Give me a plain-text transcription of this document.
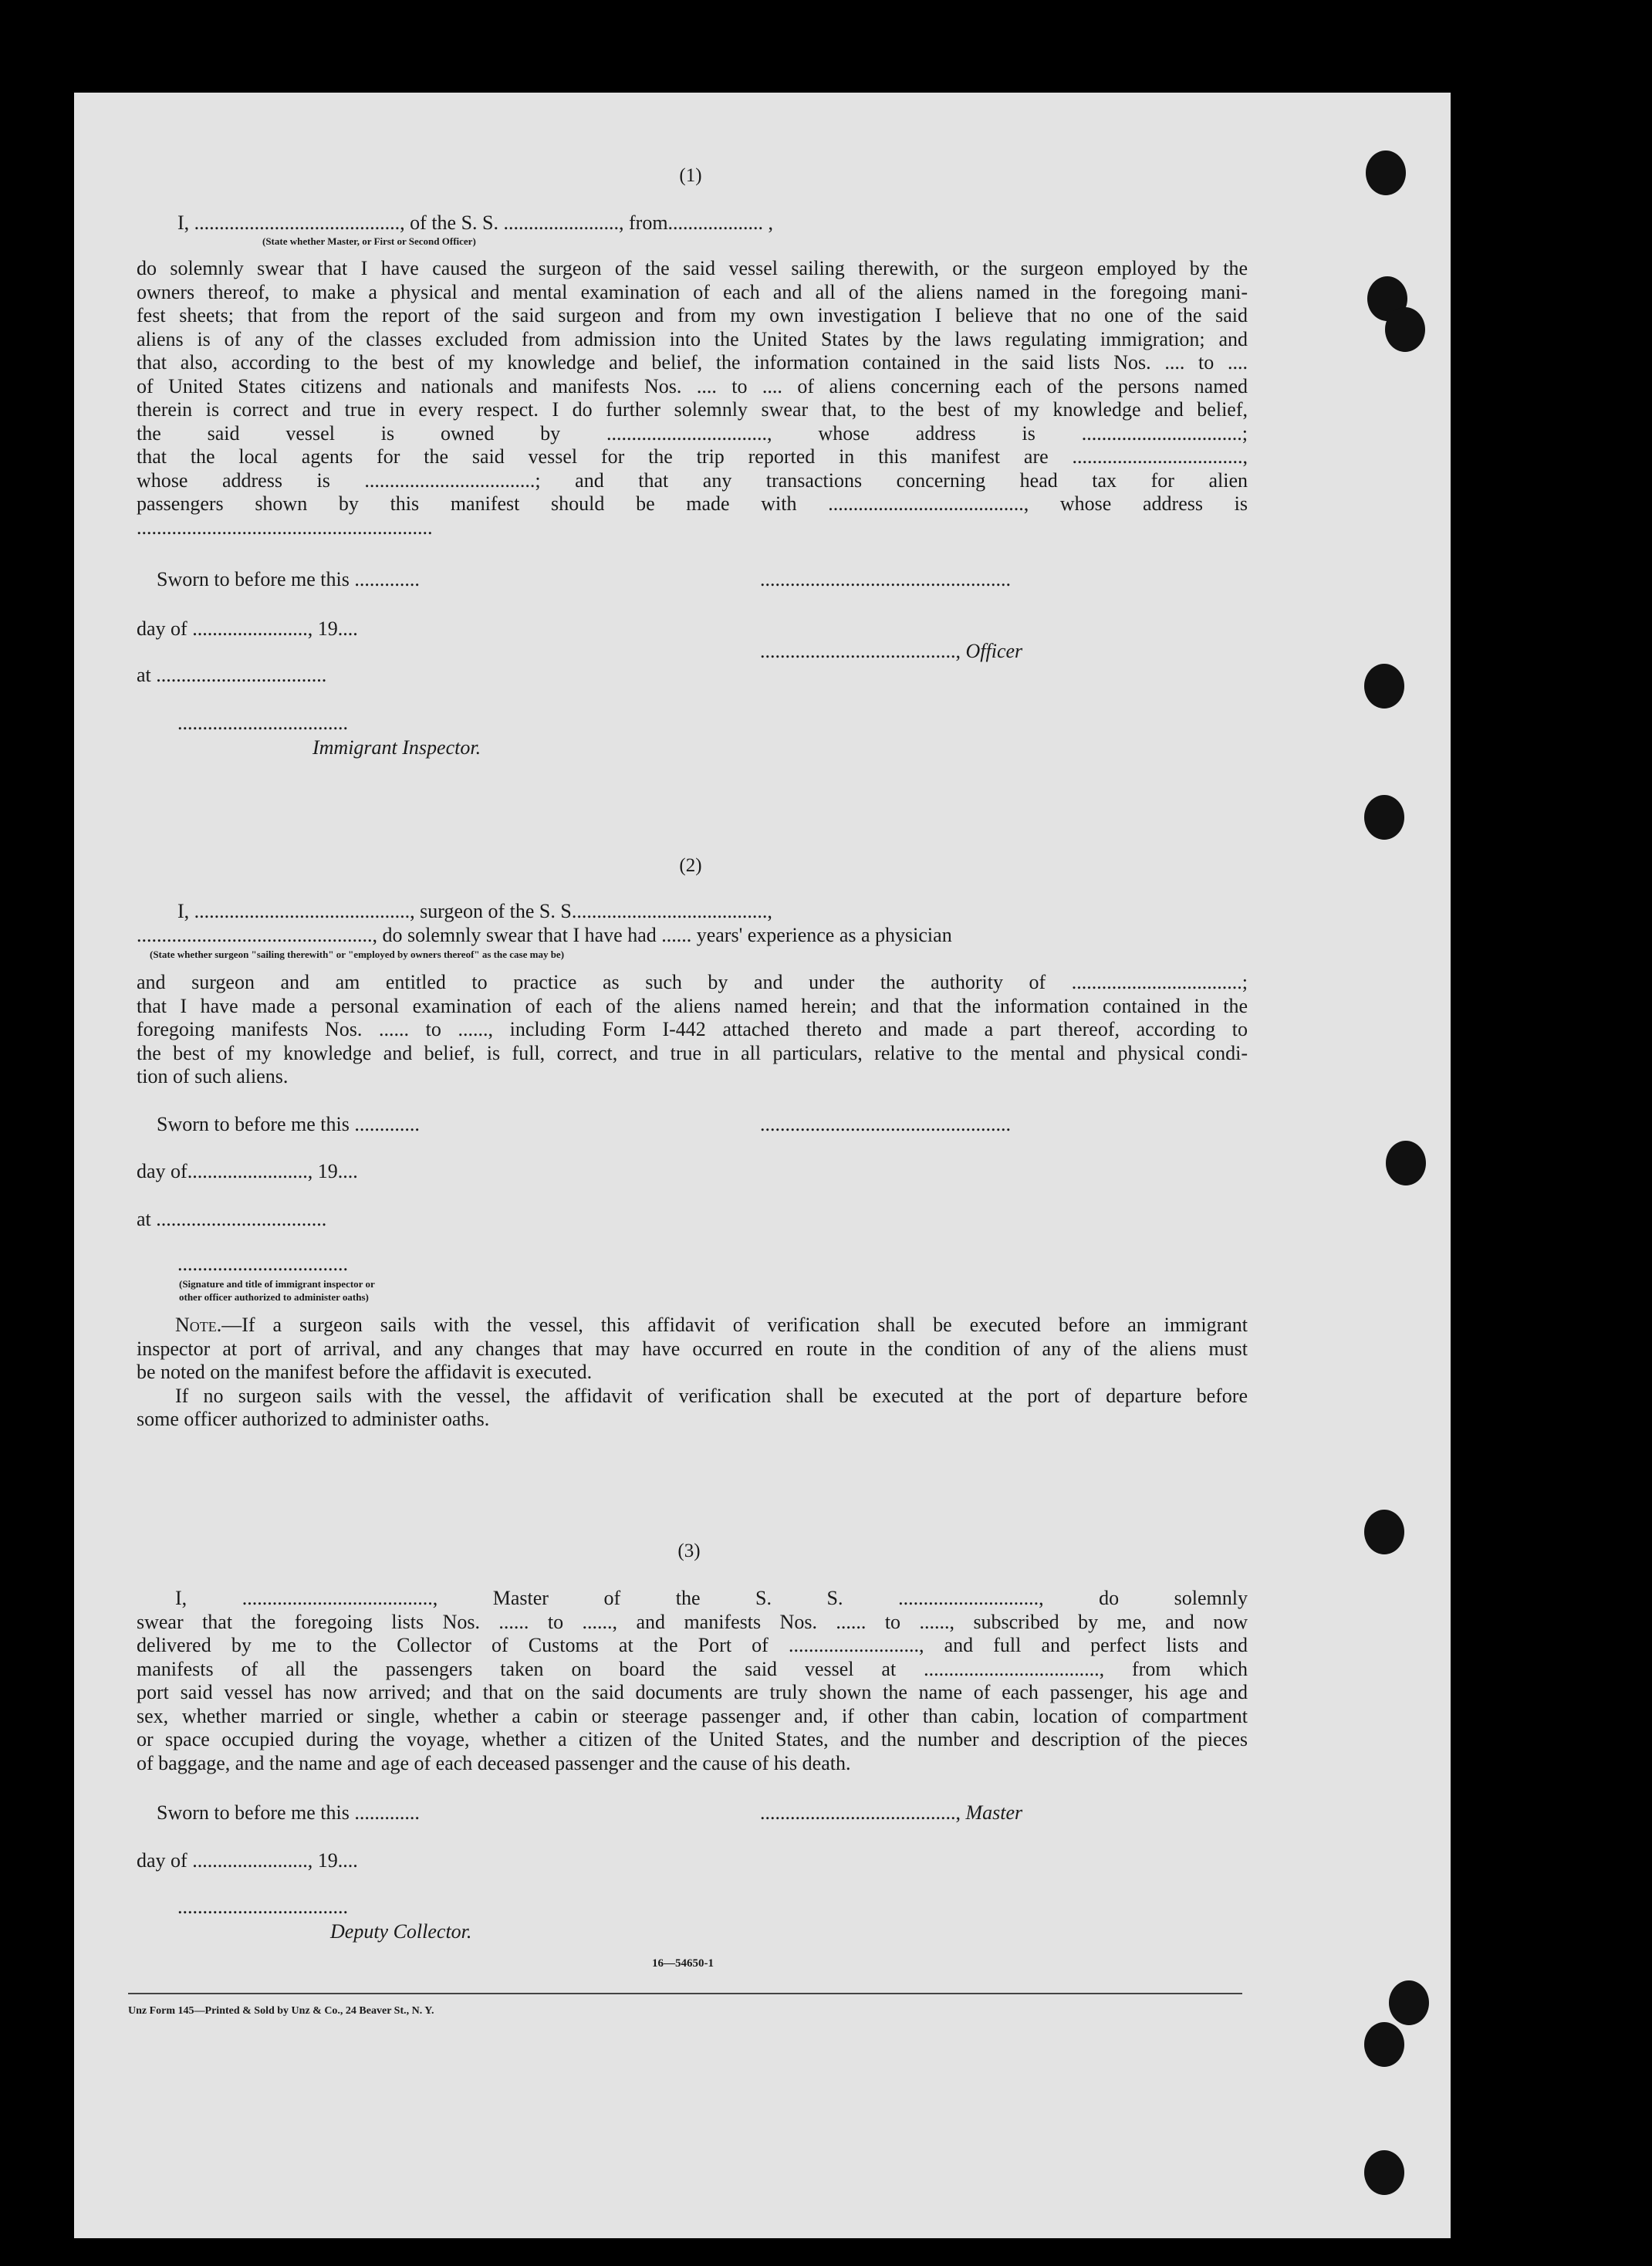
(1)
I, ........................................., of the S. S. ......................., from................... ,
(State whether Master, or First or Second Officer)
do solemnly swear that I have caused the surgeon of the said vessel sailing therewith, or the surgeon employed by the
owners thereof, to make a physical and mental examination of each and all of the aliens named in the foregoing mani-
fest sheets; that from the report of the said surgeon and from my own investigation I believe that no one of the said
aliens is of any of the classes excluded from admission into the United States by the laws regulating immigration; and
that also, according to the best of my knowledge and belief, the information contained in the said lists Nos. .... to ....
of United States citizens and nationals and manifests Nos. .... to .... of aliens concerning each of the persons named
therein is correct and true in every respect. I do further solemnly swear that, to the best of my knowledge and belief,
the said vessel is owned by ................................, whose address is ................................;
that the local agents for the said vessel for the trip reported in this manifest are ..................................,
whose address is ..................................; and that any transactions concerning head tax for alien
passengers shown by this manifest should be made with ......................................., whose address is
...........................................................
Sworn to before me this .............	..................................................
day of ......................., 19....
......................................., Officer
at ..................................
..................................
Immigrant Inspector.
(2)
I, ..........................................., surgeon of the S. S.......................................,
..............................................., do solemnly swear that I have had ...... years' experience as a physician
(State whether surgeon "sailing therewith" or "employed by owners thereof" as the case may be)
and surgeon and am entitled to practice as such by and under the authority of ..................................;
that I have made a personal examination of each of the aliens named herein; and that the information contained in the
foregoing manifests Nos. ...... to ......, including Form I-442 attached thereto and made a part thereof, according to
the best of my knowledge and belief, is full, correct, and true in all particulars, relative to the mental and physical condi-
tion of such aliens.
Sworn to before me this .............	..................................................
day of........................, 19....
at ..................................
..................................
(Signature and title of immigrant inspector or
other officer authorized to administer oaths)
Note.—If a surgeon sails with the vessel, this affidavit of verification shall be executed before an immigrant
inspector at port of arrival, and any changes that may have occurred en route in the condition of any of the aliens must
be noted on the manifest before the affidavit is executed.
If no surgeon sails with the vessel, the affidavit of verification shall be executed at the port of departure before
some officer authorized to administer oaths.
(3)
I, ......................................, Master of the S. S. ............................, do solemnly
swear that the foregoing lists Nos. ...... to ......, and manifests Nos. ...... to ......, subscribed by me, and now
delivered by me to the Collector of Customs at the Port of .........................., and full and perfect lists and
manifests of all the passengers taken on board the said vessel at ..................................., from which
port said vessel has now arrived; and that on the said documents are truly shown the name of each passenger, his age and
sex, whether married or single, whether a cabin or steerage passenger and, if other than cabin, location of compartment
or space occupied during the voyage, whether a citizen of the United States, and the number and description of the pieces
of baggage, and the name and age of each deceased passenger and the cause of his death.
Sworn to before me this .............	......................................., Master
day of ......................., 19....
..................................
Deputy Collector.
16—54650-1
Unz Form 145—Printed & Sold by Unz & Co., 24 Beaver St., N. Y.
